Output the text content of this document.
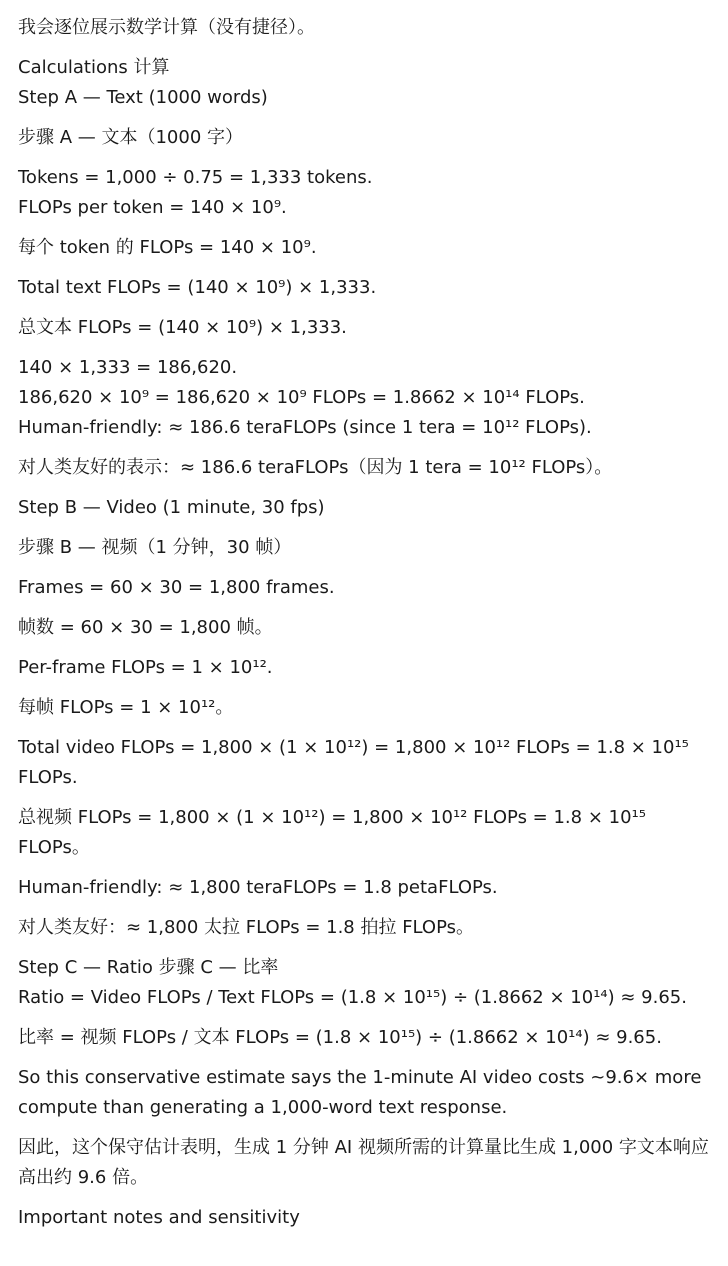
我会逐位展示数学计算（没有捷径）。

Calculations 计算
Step A — Text (1000 words)

步骤 A — 文本（1000 字）

Tokens = 1,000 ÷ 0.75 = 1,333 tokens.
FLOPs per token = 140 × 10⁹.

每个 token 的 FLOPs = 140 × 10⁹.

Total text FLOPs = (140 × 10⁹) × 1,333.

总文本 FLOPs = (140 × 10⁹) × 1,333.

140 × 1,333 = 186,620.
186,620 × 10⁹ = 186,620 × 10⁹ FLOPs = 1.8662 × 10¹⁴ FLOPs.
Human-friendly: ≈ 186.6 teraFLOPs (since 1 tera = 10¹² FLOPs).

对人类友好的表示：≈ 186.6 teraFLOPs（因为 1 tera = 10¹² FLOPs）。

Step B — Video (1 minute, 30 fps)

步骤 B — 视频（1 分钟，30 帧）

Frames = 60 × 30 = 1,800 frames.

帧数 = 60 × 30 = 1,800 帧。

Per-frame FLOPs = 1 × 10¹².

每帧 FLOPs = 1 × 10¹²。

Total video FLOPs = 1,800 × (1 × 10¹²) = 1,800 × 10¹² FLOPs = 1.8 × 10¹⁵ FLOPs.

总视频 FLOPs = 1,800 × (1 × 10¹²) = 1,800 × 10¹² FLOPs = 1.8 × 10¹⁵ FLOPs。

Human-friendly: ≈ 1,800 teraFLOPs = 1.8 petaFLOPs.

对人类友好：≈ 1,800 太拉 FLOPs = 1.8 拍拉 FLOPs。

Step C — Ratio 步骤 C — 比率
Ratio = Video FLOPs / Text FLOPs = (1.8 × 10¹⁵) ÷ (1.8662 × 10¹⁴) ≈ 9.65.

比率 = 视频 FLOPs / 文本 FLOPs = (1.8 × 10¹⁵) ÷ (1.8662 × 10¹⁴) ≈ 9.65.

So this conservative estimate says the 1-minute AI video costs ~9.6× more compute than generating a 1,000-word text response.

因此，这个保守估计表明，生成 1 分钟 AI 视频所需的计算量比生成 1,000 字文本响应高出约 9.6 倍。

Important notes and sensitivity
